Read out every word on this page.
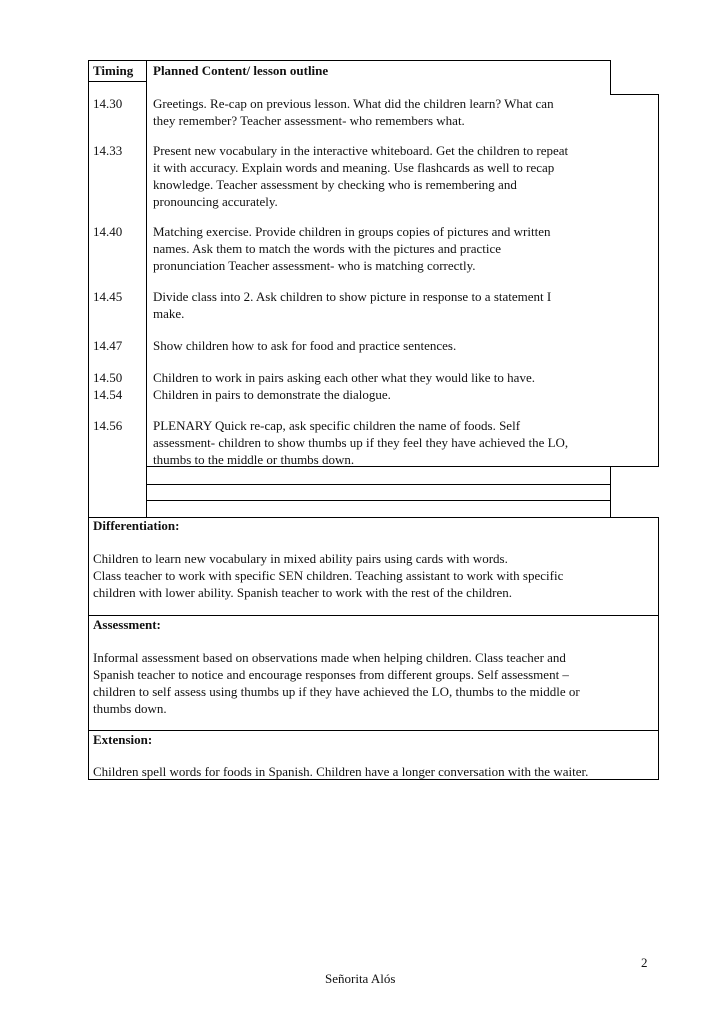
Timing Planned Content/ lesson outline
14.30 Greetings. Re-cap on previous lesson. What did the children learn? What can
they remember? Teacher assessment- who remembers what.
14.33 Present new vocabulary in the interactive whiteboard. Get the children to repeat
it with accuracy. Explain words and meaning. Use flashcards as well to recap
knowledge. Teacher assessment by checking who is remembering and
pronouncing accurately.
14.40 Matching exercise. Provide children in groups copies of pictures and written
names. Ask them to match the words with the pictures and practice
pronunciation Teacher assessment- who is matching correctly.
14.45 Divide class into 2. Ask children to show picture in response to a statement I
make.
14.47 Show children how to ask for food and practice sentences.
14.50
14.54
Children to work in pairs asking each other what they would like to have.
Children in pairs to demonstrate the dialogue.
14.56 PLENARY Quick re-cap, ask specific children the name of foods. Self
assessment- children to show thumbs up if they feel they have achieved the LO,
thumbs to the middle or thumbs down.
Differentiation:
Children to learn new vocabulary in mixed ability pairs using cards with words.
Class teacher to work with specific SEN children. Teaching assistant to work with specific
children with lower ability. Spanish teacher to work with the rest of the children.
Assessment:
Informal assessment based on observations made when helping children. Class teacher and
Spanish teacher to notice and encourage responses from different groups. Self assessment –
children to self assess using thumbs up if they have achieved the LO, thumbs to the middle or
thumbs down.
Extension:
Children spell words for foods in Spanish. Children have a longer conversation with the waiter.
2
Señorita Alós
